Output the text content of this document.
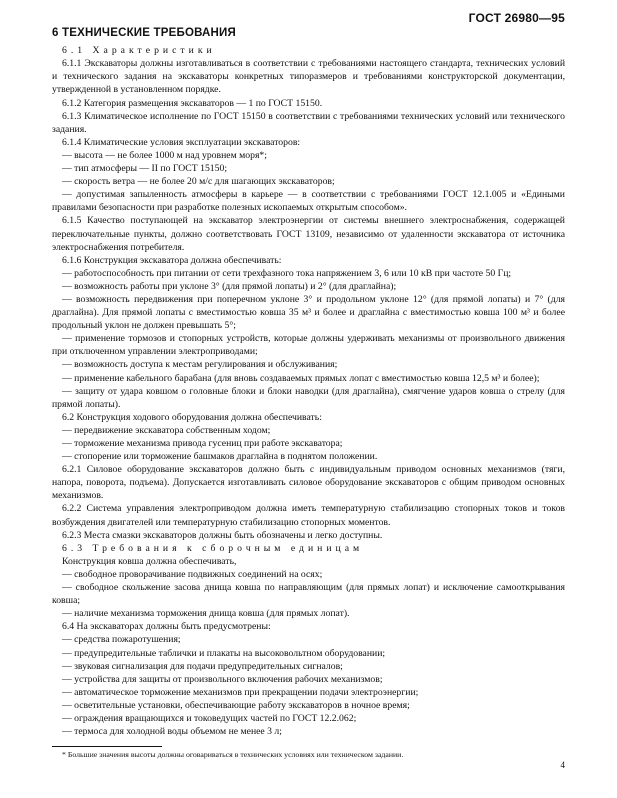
ГОСТ 26980—95
6 ТЕХНИЧЕСКИЕ ТРЕБОВАНИЯ
6.1 Характеристики
6.1.1 Экскаваторы должны изготавливаться в соответствии с требованиями настоящего стандарта, технических условий и технического задания на экскаваторы конкретных типоразмеров и требованиями конструкторской документации, утвержденной в установленном порядке.
6.1.2 Категория размещения экскаваторов — 1 по ГОСТ 15150.
6.1.3 Климатическое исполнение по ГОСТ 15150 в соответствии с требованиями технических условий или технического задания.
6.1.4 Климатические условия эксплуатации экскаваторов:
— высота — не более 1000 м над уровнем моря*;
— тип атмосферы — II по ГОСТ 15150;
— скорость ветра — не более 20 м/с для шагающих экскаваторов;
— допустимая запыленность атмосферы в карьере — в соответствии с требованиями ГОСТ 12.1.005 и «Едиными правилами безопасности при разработке полезных ископаемых открытым способом».
6.1.5 Качество поступающей на экскаватор электроэнергии от системы внешнего электроснабжения, содержащей переключательные пункты, должно соответствовать ГОСТ 13109, независимо от удаленности экскаватора от источника электроснабжения потребителя.
6.1.6 Конструкция экскаватора должна обеспечивать:
— работоспособность при питании от сети трехфазного тока напряжением 3, 6 или 10 кВ при частоте 50 Гц;
— возможность работы при уклоне 3° (для прямой лопаты) и 2° (для драглайна);
— возможность передвижения при поперечном уклоне 3° и продольном уклоне 12° (для прямой лопаты) и 7° (для драглайна). Для прямой лопаты с вместимостью ковша 35 м³ и более и драглайна с вместимостью ковша 100 м³ и более продольный уклон не должен превышать 5°;
— применение тормозов и стопорных устройств, которые должны удерживать механизмы от произвольного движения при отключенном управлении электроприводами;
— возможность доступа к местам регулирования и обслуживания;
— применение кабельного барабана (для вновь создаваемых прямых лопат с вместимостью ковша 12,5 м³ и более);
— защиту от удара ковшом о головные блоки и блоки наводки (для драглайна), смягчение ударов ковша о стрелу (для прямой лопаты).
6.2 Конструкция ходового оборудования должна обеспечивать:
— передвижение экскаватора собственным ходом;
— торможение механизма привода гусениц при работе экскаватора;
— стопорение или торможение башмаков драглайна в поднятом положении.
6.2.1 Силовое оборудование экскаваторов должно быть с индивидуальным приводом основных механизмов (тяги, напора, поворота, подъема). Допускается изготавливать силовое оборудование экскаваторов с общим приводом основных механизмов.
6.2.2 Система управления электроприводом должна иметь температурную стабилизацию стопорных токов и токов возбуждения двигателей или температурную стабилизацию стопорных моментов.
6.2.3 Места смазки экскаваторов должны быть обозначены и легко доступны.
6.3 Требования к сборочным единицам
Конструкция ковша должна обеспечивать,
— свободное проворачивание подвижных соединений на осях;
— свободное скольжение засова днища ковша по направляющим (для прямых лопат) и исключение самооткрывания ковша;
— наличие механизма торможения днища ковша (для прямых лопат).
6.4 На экскаваторах должны быть предусмотрены:
— средства пожаротушения;
— предупредительные таблички и плакаты на высоковольтном оборудовании;
— звуковая сигнализация для подачи предупредительных сигналов;
— устройства для защиты от произвольного включения рабочих механизмов;
— автоматическое торможение механизмов при прекращении подачи электроэнергии;
— осветительные установки, обеспечивающие работу экскаваторов в ночное время;
— ограждения вращающихся и токоведущих частей по ГОСТ 12.2.062;
— термоса для холодной воды объемом не менее 3 л;
* Большие значения высоты должны оговариваться в технических условиях или техническом задании.
4
